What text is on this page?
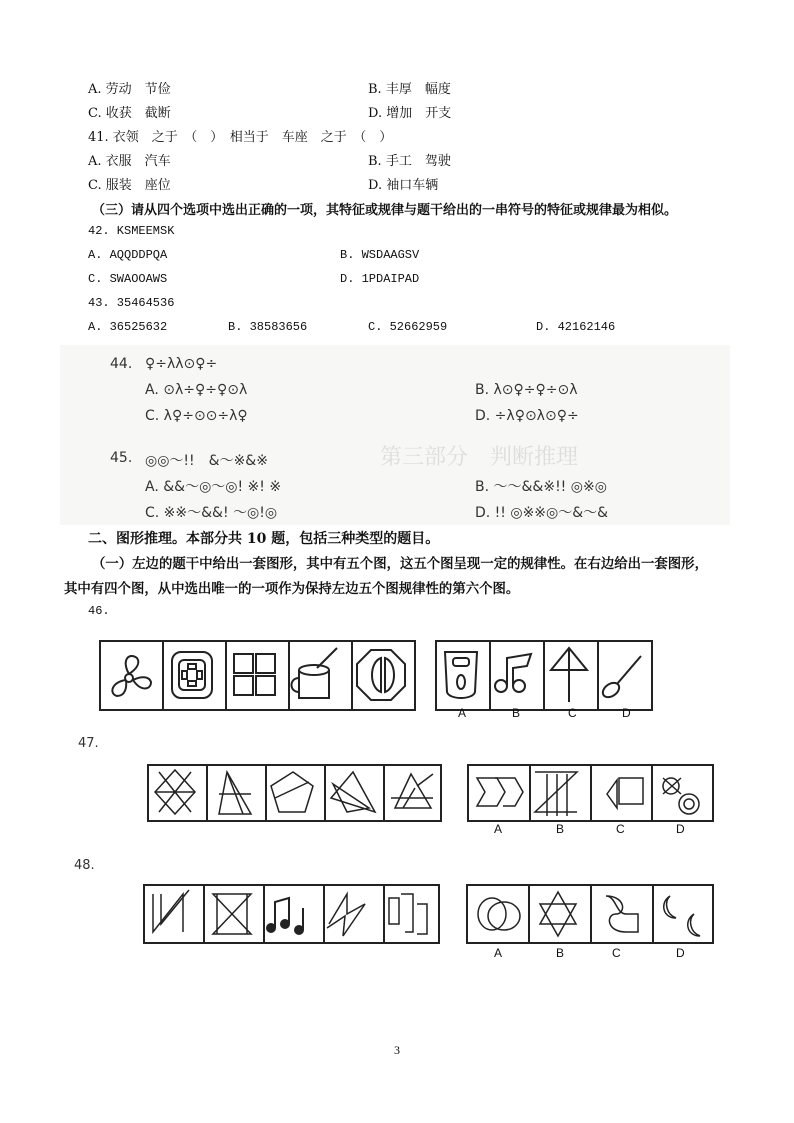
A. 劳动　节俭	B. 丰厚　幅度
C. 收获　截断	D. 增加　开支
41. 衣领　之于　（　）　相当于　车座　之于　（　）
A. 衣服　汽车	B. 手工　驾驶
C. 服装　座位	D. 袖口车辆
（三）请从四个选项中选出正确的一项，其特征或规律与题干给出的一串符号的特征或规律最为相似。
42. KSMEEMSK
A. AQQDDPQA	B. WSDAAGSV
C. SWAOOAWS	D. 1PDAIPAD
43. 35464536
A. 36525632	B. 38583656	C. 52662959	D. 42162146
第三部分　判断推理
44. ♀÷λλ⊙♀÷
A. ⊙λ÷♀÷♀⊙λ	B. λ⊙♀÷♀÷⊙λ
C. λ♀÷⊙⊙÷λ♀	D. ÷λ♀⊙λ⊙♀÷
45. ◎◎～!!　&～※&※
A. &&～◎～◎! ※! ※	B. ～～&&※!! ◎※◎
C. ※※～&&! ～◎!◎	D. !! ◎※※◎～&～&
二、图形推理。本部分共 10 题，包括三种类型的题目。
（一）左边的题干中给出一套图形，其中有五个图，这五个图呈现一定的规律性。在右边给出一套图形，
其中有四个图，从中选出唯一的一项作为保持左边五个图规律性的第六个图。
46.
A	B	C	D
47.
A	B	C	D
48.
A	B	C	D
3
